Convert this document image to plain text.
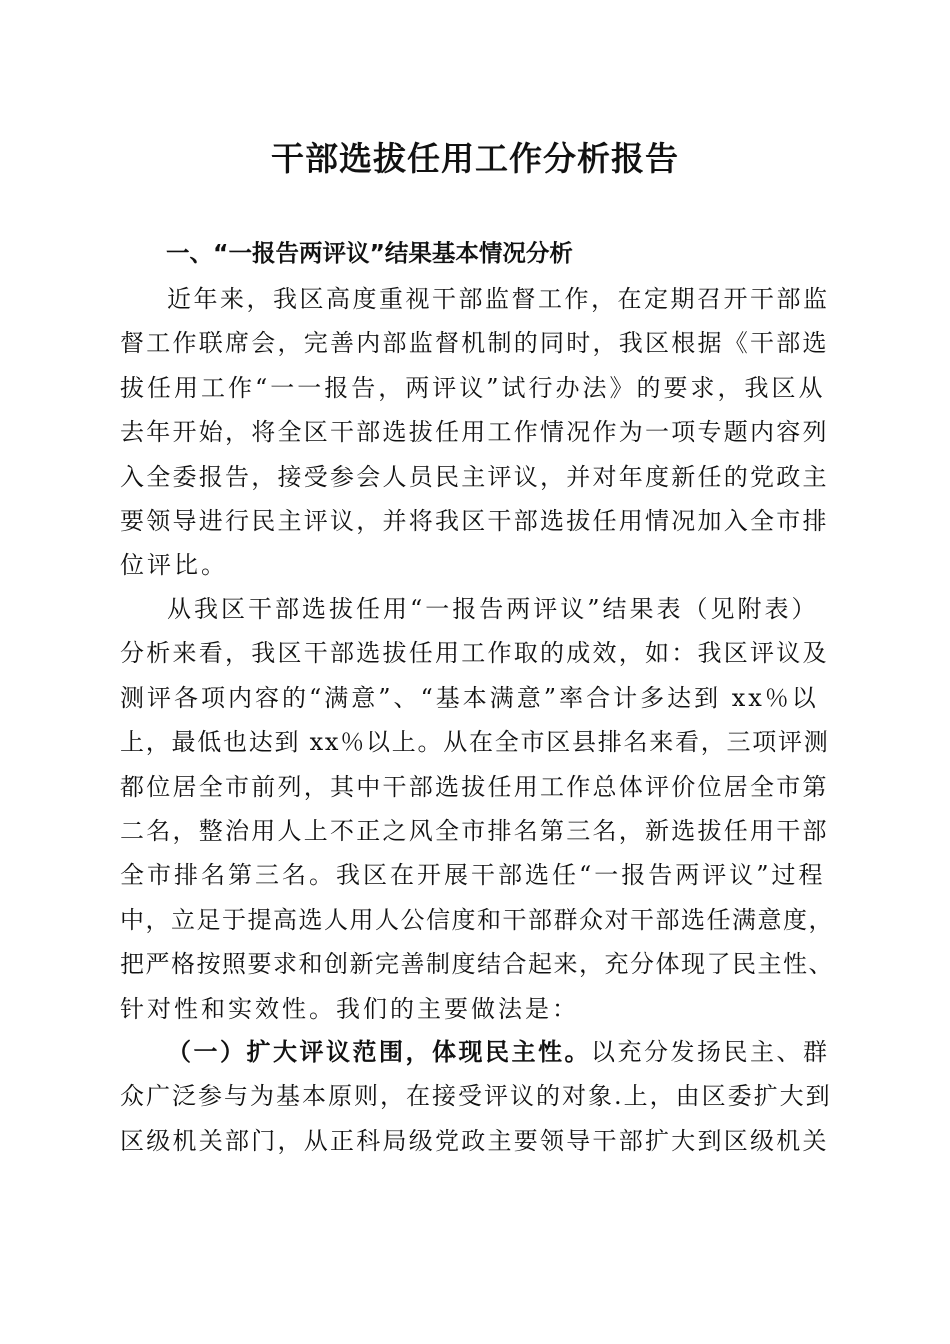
干部选拔任用工作分析报告
一、“一报告两评议”结果基本情况分析
近年来，我区高度重视干部监督工作，在定期召开干部监
督工作联席会，完善内部监督机制的同时，我区根据《干部选
拔任用工作“一一报告，两评议”试行办法》的要求，我区从
去年开始，将全区干部选拔任用工作情况作为一项专题内容列
入全委报告，接受参会人员民主评议，并对年度新任的党政主
要领导进行民主评议，并将我区干部选拔任用情况加入全市排
位评比。
从我区干部选拔任用“一报告两评议”结果表（见附表）
分析来看，我区干部选拔任用工作取的成效，如：我区评议及
测评各项内容的“满意”、“基本满意”率合计多达到 xx％以
上，最低也达到 xx％以上。从在全市区县排名来看，三项评测
都位居全市前列，其中干部选拔任用工作总体评价位居全市第
二名，整治用人上不正之风全市排名第三名，新选拔任用干部
全市排名第三名。我区在开展干部选任“一报告两评议”过程
中，立足于提高选人用人公信度和干部群众对干部选任满意度，
把严格按照要求和创新完善制度结合起来，充分体现了民主性、
针对性和实效性。我们的主要做法是：
（一）扩大评议范围，体现民主性。以充分发扬民主、群
众广泛参与为基本原则，在接受评议的对象.上，由区委扩大到
区级机关部门，从正科局级党政主要领导干部扩大到区级机关
